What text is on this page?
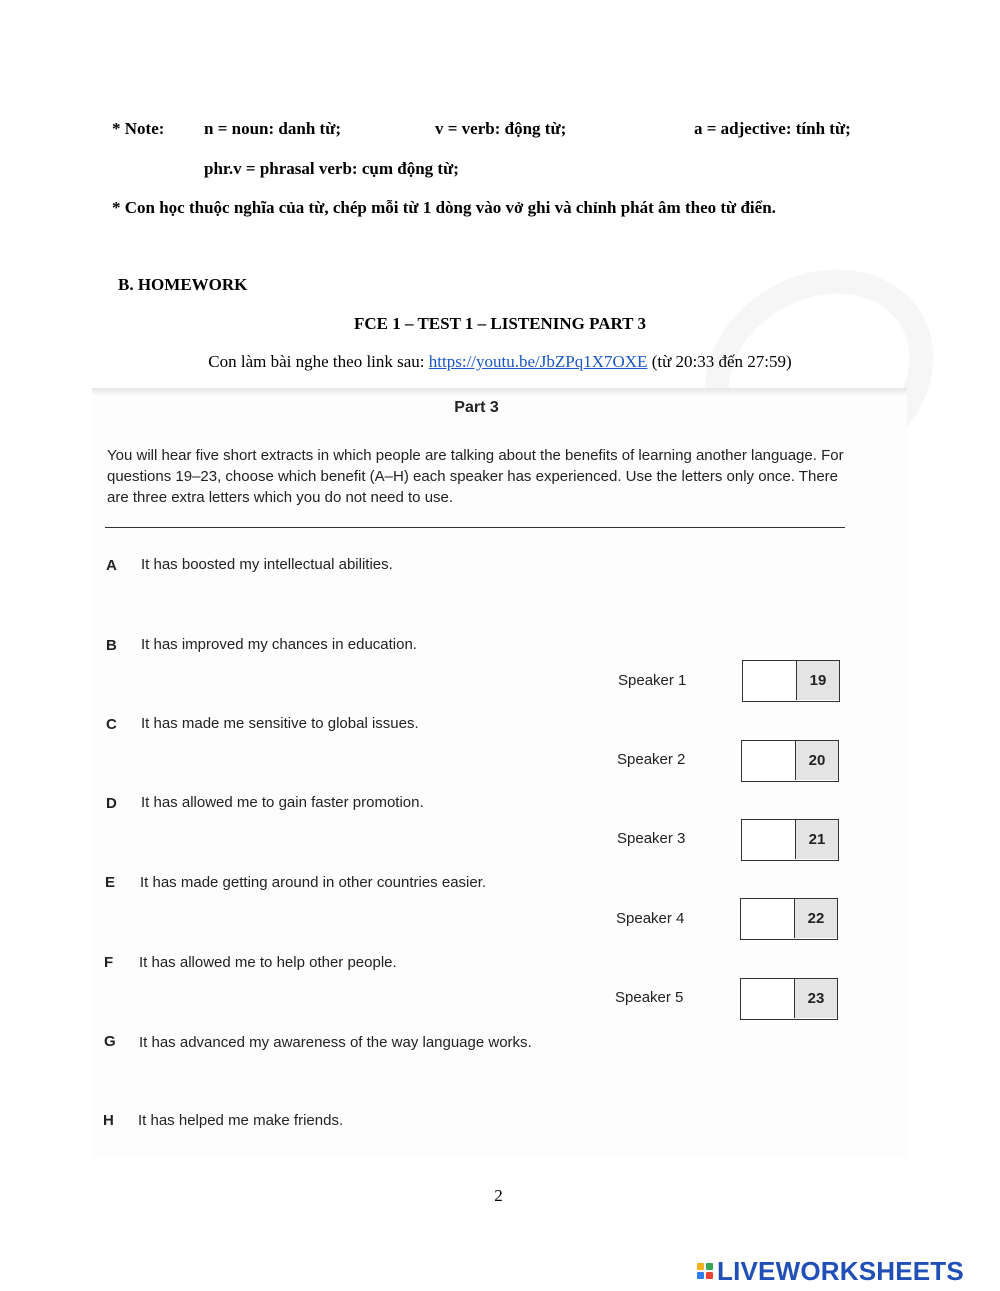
* Note: n = noun: danh từ;	v = verb: động từ;	a = adjective: tính từ;
phr.v = phrasal verb: cụm động từ;
* Con học thuộc nghĩa của từ, chép mỗi từ 1 dòng vào vở ghi và chỉnh phát âm theo từ điển.
B. HOMEWORK
FCE 1 – TEST 1 – LISTENING PART 3
Con làm bài nghe theo link sau: https://youtu.be/JbZPq1X7OXE (từ 20:33 đến 27:59)
Part 3
You will hear five short extracts in which people are talking about the benefits of learning another language. For questions 19–23, choose which benefit (A–H) each speaker has experienced. Use the letters only once. There are three extra letters which you do not need to use.
A	It has boosted my intellectual abilities.
B	It has improved my chances in education.
C	It has made me sensitive to global issues.
D	It has allowed me to gain faster promotion.
E	It has made getting around in other countries easier.
F	It has allowed me to help other people.
G	It has advanced my awareness of the way language works.
H	It has helped me make friends.
Speaker 1	19
Speaker 2	20
Speaker 3	21
Speaker 4	22
Speaker 5	23
2
LIVEWORKSHEETS
